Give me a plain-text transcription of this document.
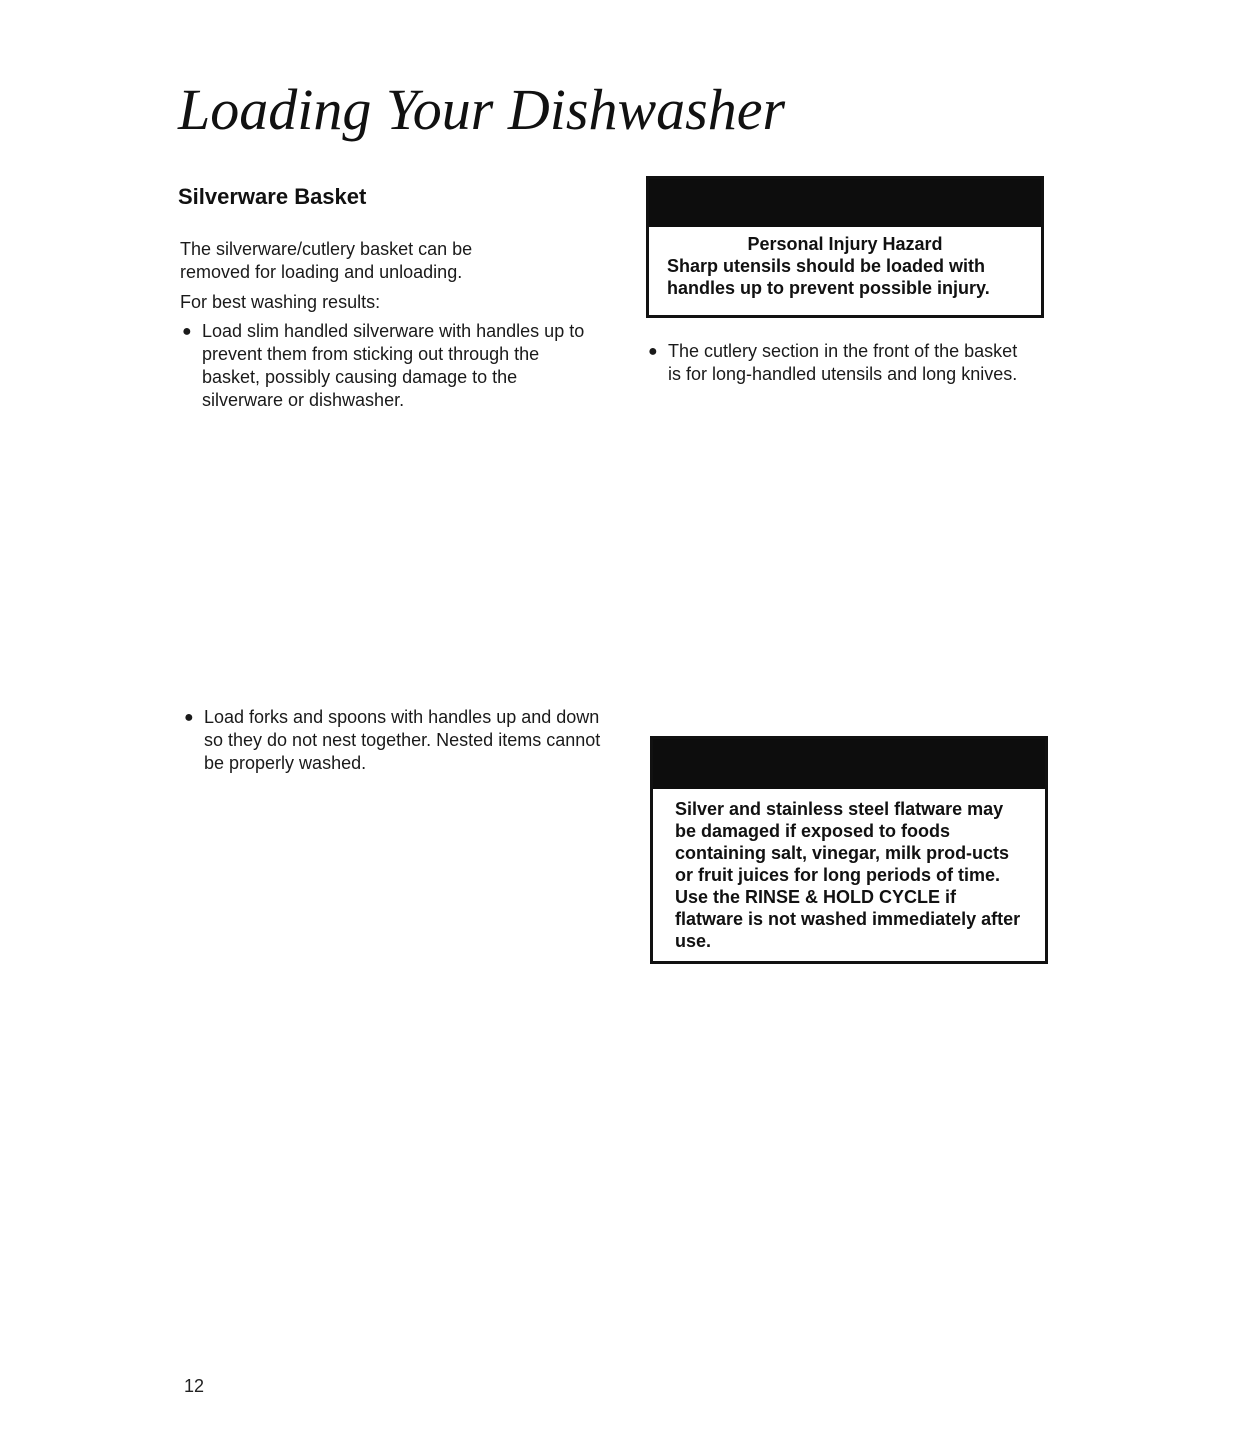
Loading Your Dishwasher
Silverware Basket

The silverware/cutlery basket can be removed for loading and unloading.

For best washing results:

● Load slim handled silverware with handles up to prevent them from sticking out through the basket, possibly causing damage to the silverware or dishwasher.
Personal Injury Hazard
Sharp utensils should be loaded with handles up to prevent possible injury.
● The cutlery section in the front of the basket is for long-handled utensils and long knives.
● Load forks and spoons with handles up and down so they do not nest together. Nested items cannot be properly washed.
Silver and stainless steel flatware may be damaged if exposed to foods containing salt, vinegar, milk prod-ucts or fruit juices for long periods of time. Use the RINSE & HOLD CYCLE if flatware is not washed immediately after use.

12
